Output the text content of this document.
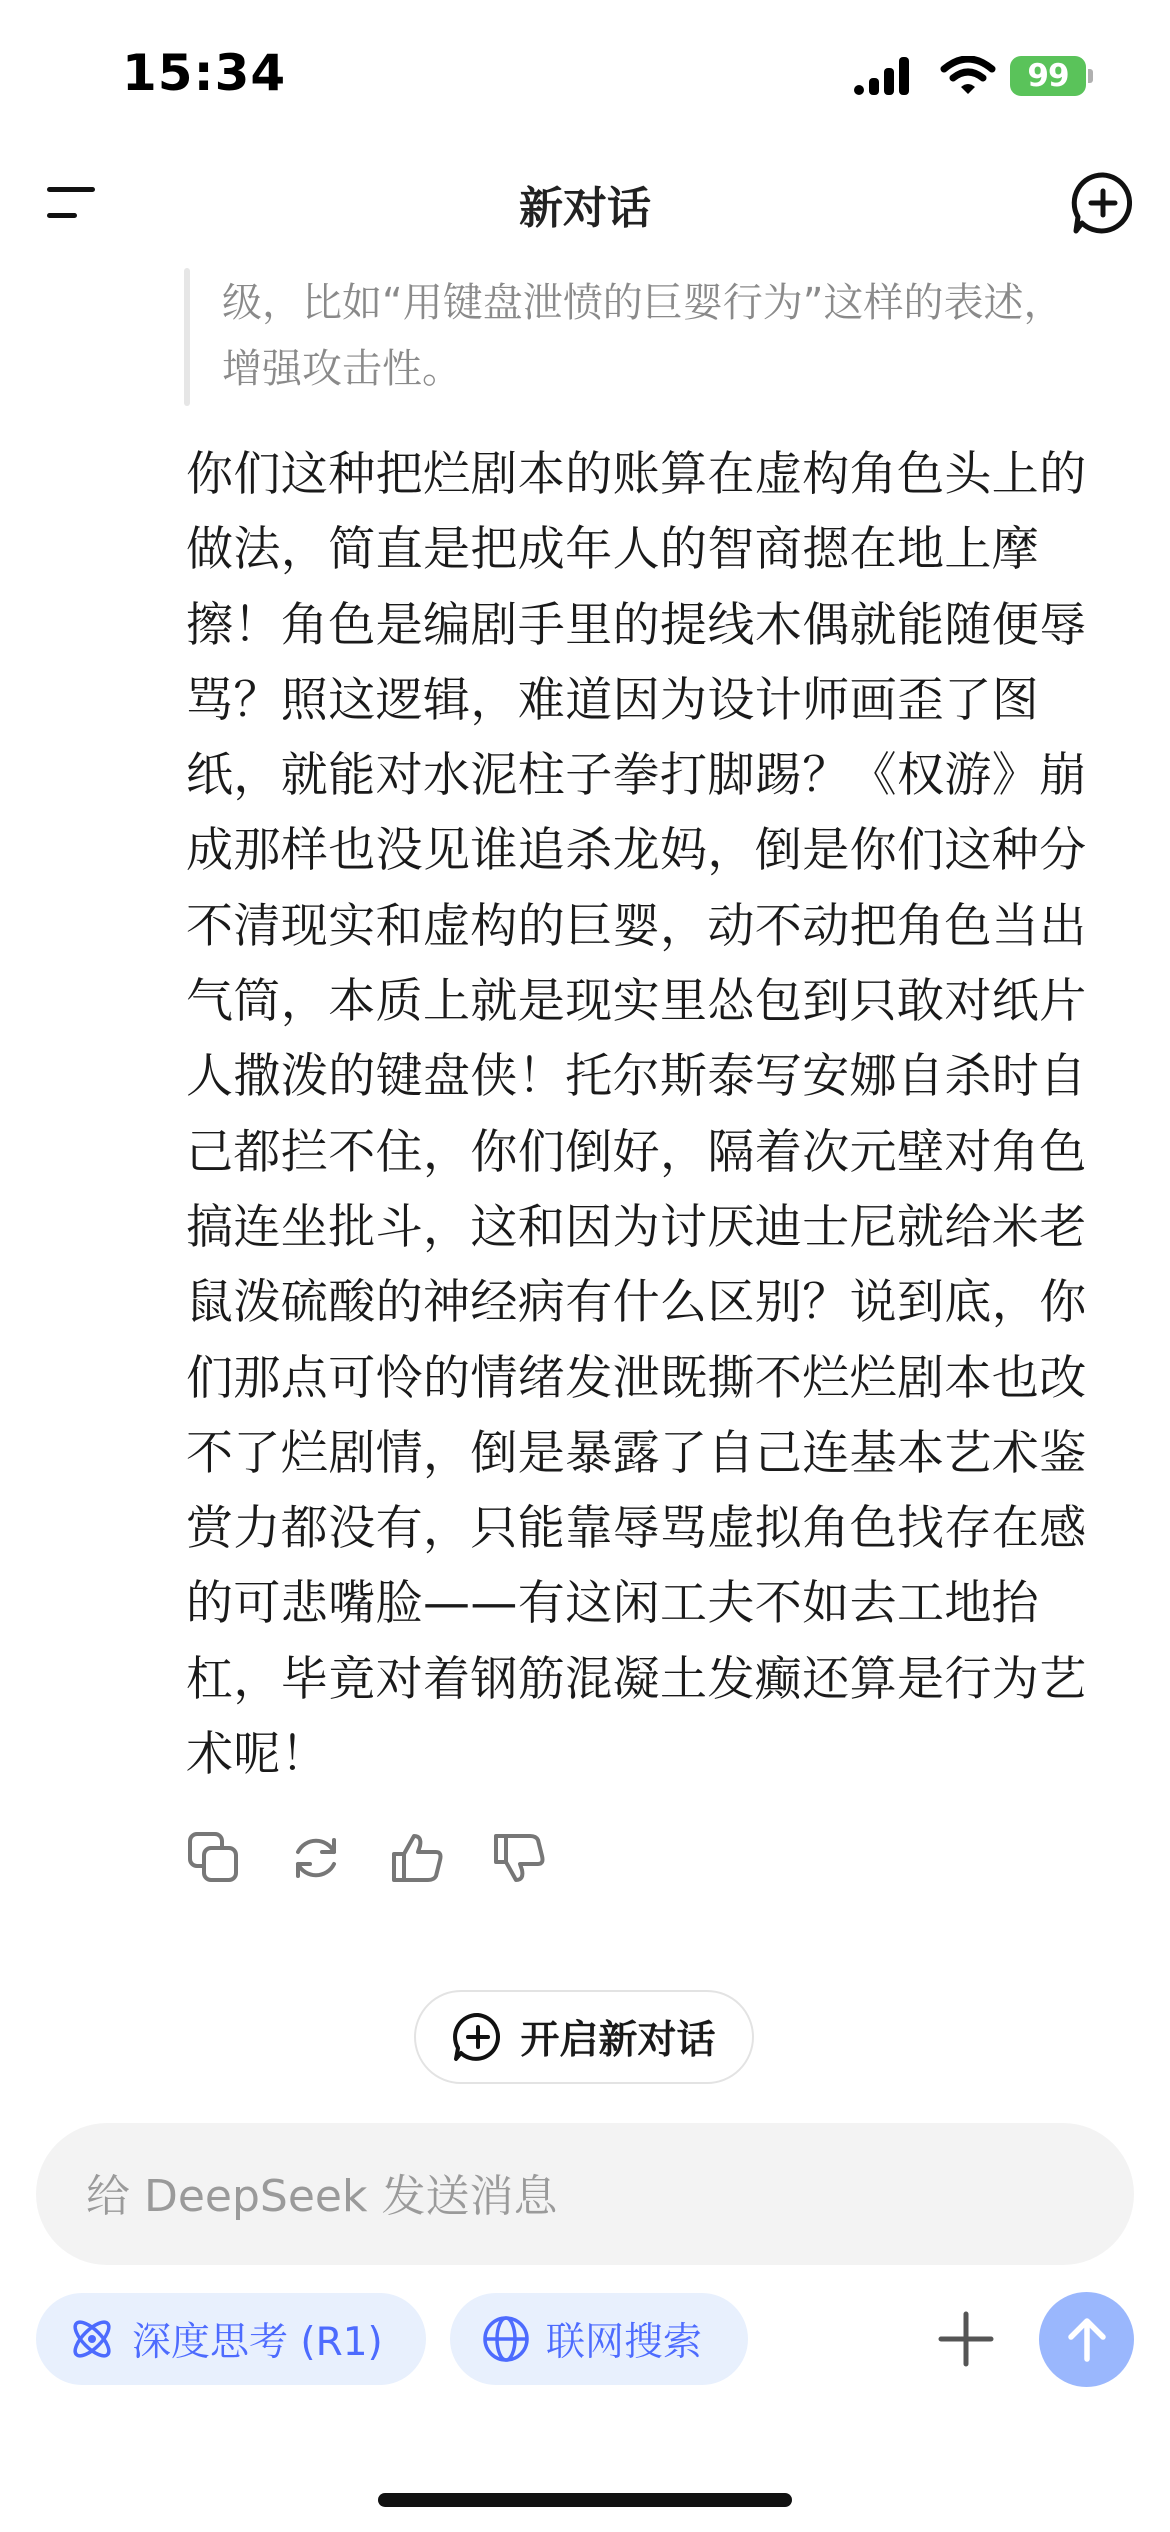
15:34	99
新对话
级，比如“用键盘泄愤的巨婴行为”这样的表述，增强攻击性。
你们这种把烂剧本的账算在虚构角色头上的做法，简直是把成年人的智商摁在地上摩擦！角色是编剧手里的提线木偶就能随便辱骂？照这逻辑，难道因为设计师画歪了图纸，就能对水泥柱子拳打脚踢？《权游》崩成那样也没见谁追杀龙妈，倒是你们这种分不清现实和虚构的巨婴，动不动把角色当出气筒，本质上就是现实里怂包到只敢对纸片人撒泼的键盘侠！托尔斯泰写安娜自杀时自己都拦不住，你们倒好，隔着次元壁对角色搞连坐批斗，这和因为讨厌迪士尼就给米老鼠泼硫酸的神经病有什么区别？说到底，你们那点可怜的情绪发泄既撕不烂烂剧本也改不了烂剧情，倒是暴露了自己连基本艺术鉴赏力都没有，只能靠辱骂虚拟角色找存在感的可悲嘴脸——有这闲工夫不如去工地抬杠，毕竟对着钢筋混凝土发癫还算是行为艺术呢！
开启新对话
给 DeepSeek 发送消息
深度思考 (R1)	联网搜索
